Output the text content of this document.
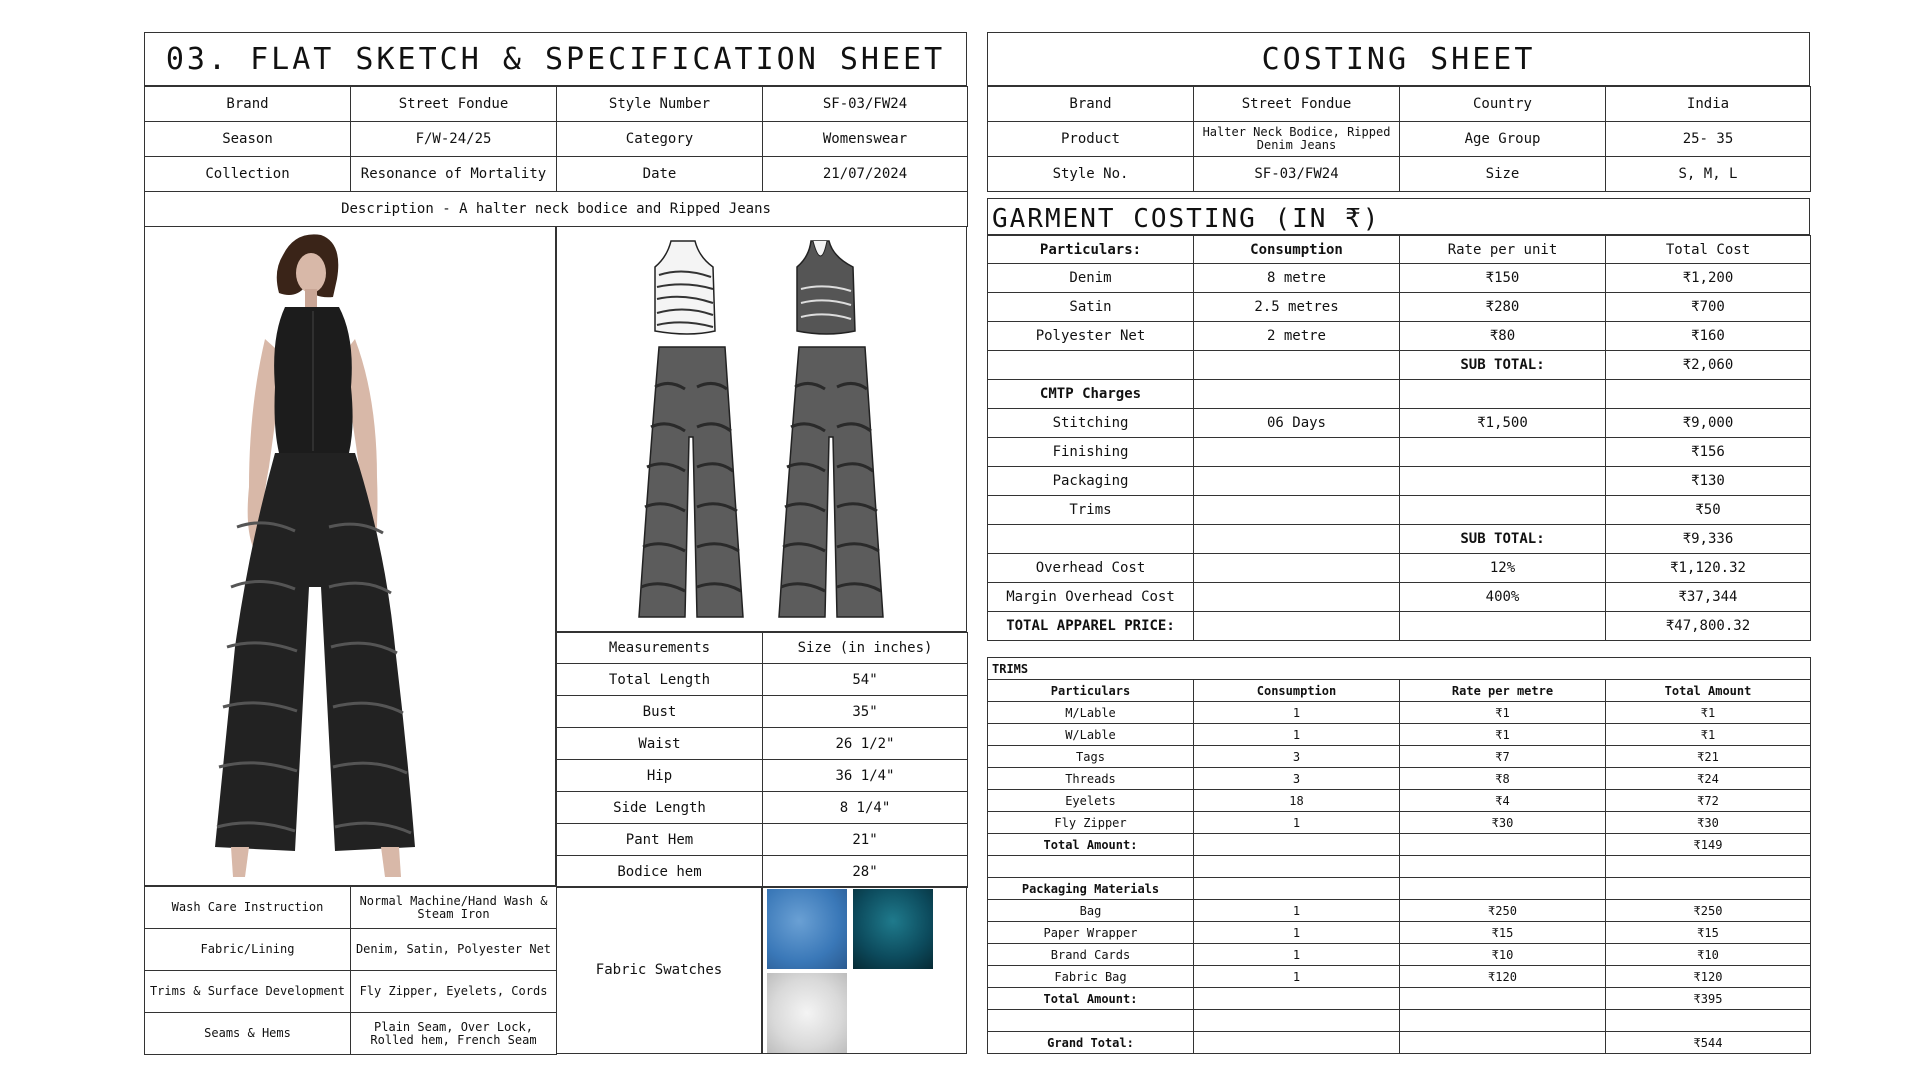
03. FLAT SKETCH & SPECIFICATION SHEET
Brand	Street Fondue	Style Number	SF-03/FW24
Season	F/W-24/25	Category	Womenswear
Collection	Resonance of Mortality	Date	21/07/2024
Description - A halter neck bodice and Ripped Jeans			
Measurements	Size (in inches)
Total Length	54"
Bust	35"
Waist	26 1/2"
Hip	36 1/4"
Side Length	8 1/4"
Pant Hem	21"
Bodice hem	28"
Wash Care Instruction	Normal Machine/Hand Wash & Steam Iron
Fabric/Lining	Denim, Satin, Polyester Net
Trims & Surface Development	Fly Zipper, Eyelets, Cords
Seams & Hems	Plain Seam, Over Lock, Rolled hem, French Seam
Fabric Swatches
COSTING SHEET
Brand	Street Fondue	Country	India
Product	Halter Neck Bodice, Ripped Denim Jeans	Age Group	25- 35
Style No.	SF-03/FW24	Size	S, M, L
GARMENT COSTING (IN ₹)
Particulars:	Consumption	Rate per unit	Total Cost
Denim	8 metre	₹150	₹1,200
Satin	2.5 metres	₹280	₹700
Polyester Net	2 metre	₹80	₹160
		SUB TOTAL:	₹2,060
CMTP Charges			
Stitching	06 Days	₹1,500	₹9,000
Finishing			₹156
Packaging			₹130
Trims			₹50
		SUB TOTAL:	₹9,336
Overhead Cost		12%	₹1,120.32
Margin Overhead Cost		400%	₹37,344
TOTAL APPAREL PRICE:			₹47,800.32
TRIMS			
Particulars	Consumption	Rate per metre	Total Amount
M/Lable	1	₹1	₹1
W/Lable	1	₹1	₹1
Tags	3	₹7	₹21
Threads	3	₹8	₹24
Eyelets	18	₹4	₹72
Fly Zipper	1	₹30	₹30
Total Amount:			₹149

Packaging Materials			
Bag	1	₹250	₹250
Paper Wrapper	1	₹15	₹15
Brand Cards	1	₹10	₹10
Fabric Bag	1	₹120	₹120
Total Amount:			₹395

Grand Total:			₹544
